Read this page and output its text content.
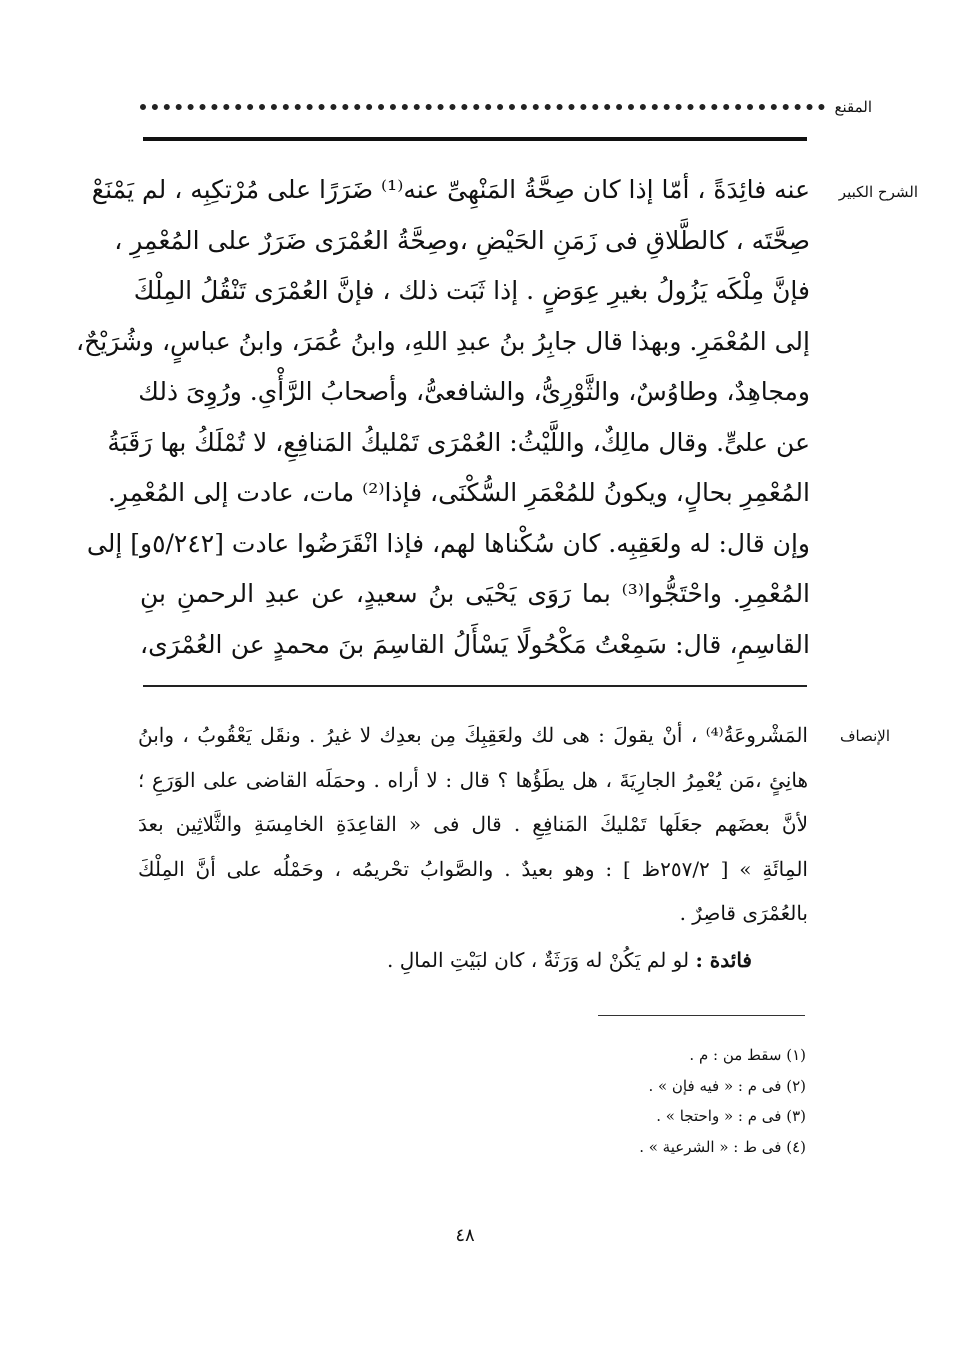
المقنع
الشرح الكبير
عنه فائِدَةً ، أمّا إذا كان صِحَّةُ المَنْهِىِّ عنه⁽¹⁾ ضَرَرًا على مُرْتكِبِه ، لم يَمْنَعْ
صِحَّتَه ، كالطَّلاقِ فى زَمَنِ الحَيْضِ ،وصِحَّةُ العُمْرَى ضَرَرٌ على المُعْمِرِ ،
فإنَّ مِلْكَه يَزُولُ بغيرِ عِوَضٍ . إذا ثَبَت ذلك ، فإنَّ العُمْرَى تَنْقُلُ المِلْكَ
إلى المُعْمَرِ. وبهذا قال جابِرُ بنُ عبدِ اللهِ، وابنُ عُمَرَ، وابنُ عباسٍ، وشُرَيْحٌ،
ومجاهِدٌ، وطاوُسٌ، والثَّوْرِىُّ، والشافعىُّ، وأصحابُ الرَّأْىِ. ورُوِىَ ذلك
عن علىٍّ. وقال مالِكٌ، واللَّيْثُ: العُمْرَى تَمْليكُ المَنافِعِ، لا تُمْلَكُ بها رَقَبَةُ
المُعْمِرِ بحالٍ، ويكونُ للمُعْمَرِ السُّكْنَى، فإذا⁽²⁾ مات، عادت إلى المُعْمِرِ.
وإن قال: له ولعَقِبِه. كان سُكْناها لهم، فإذا انْقَرَضُوا عادت [٥/٢٤٢و] إلى
المُعْمِرِ. واحْتَجُّوا⁽³⁾ بما رَوَى يَحْيَى بنُ سعيدٍ، عن عبدِ الرحمنِ بنِ
القاسِمِ، قال: سَمِعْتُ مَكْحُولًا يَسْأَلُ القاسِمَ بنَ محمدٍ عن العُمْرَى،
الإنصاف
المَشْروعَةُ⁽⁴⁾ ، أنْ يقولَ : هى لك ولعَقِبِكَ مِن بعدِك لا غيرُ . ونقَل يَعْقُوبُ ، وابنُ
هانِئٍ ،مَن يُعْمِرُ الجارِيَةَ ، هل يطَؤُها ؟ قال : لا أراه . وحمَلَه القاضى على الوَرَعِ ؛
لأنَّ بعضَهم جعَلَها تَمْليكَ المَنافِعِ . قال فى « القاعِدَةِ الخامِسَةِ والثَّلاثِين بعدَ
المِائَةِ » [ ٢٥٧/٢ظ ] : وهو بعيدٌ . والصَّوابُ تحْريمُه ، وحَمْلُه على أنَّ المِلْكَ
بالعُمْرَى قاصِرٌ .
فائدة : لو لم يَكُنْ له وَرَثَةٌ ، كان لبَيْتِ المالِ .
(١) سقط من : م .
(٢) فى م : « فيه فإن » .
(٣) فى م : « واحتجا » .
(٤) فى ط : « الشرعية » .
٤٨
